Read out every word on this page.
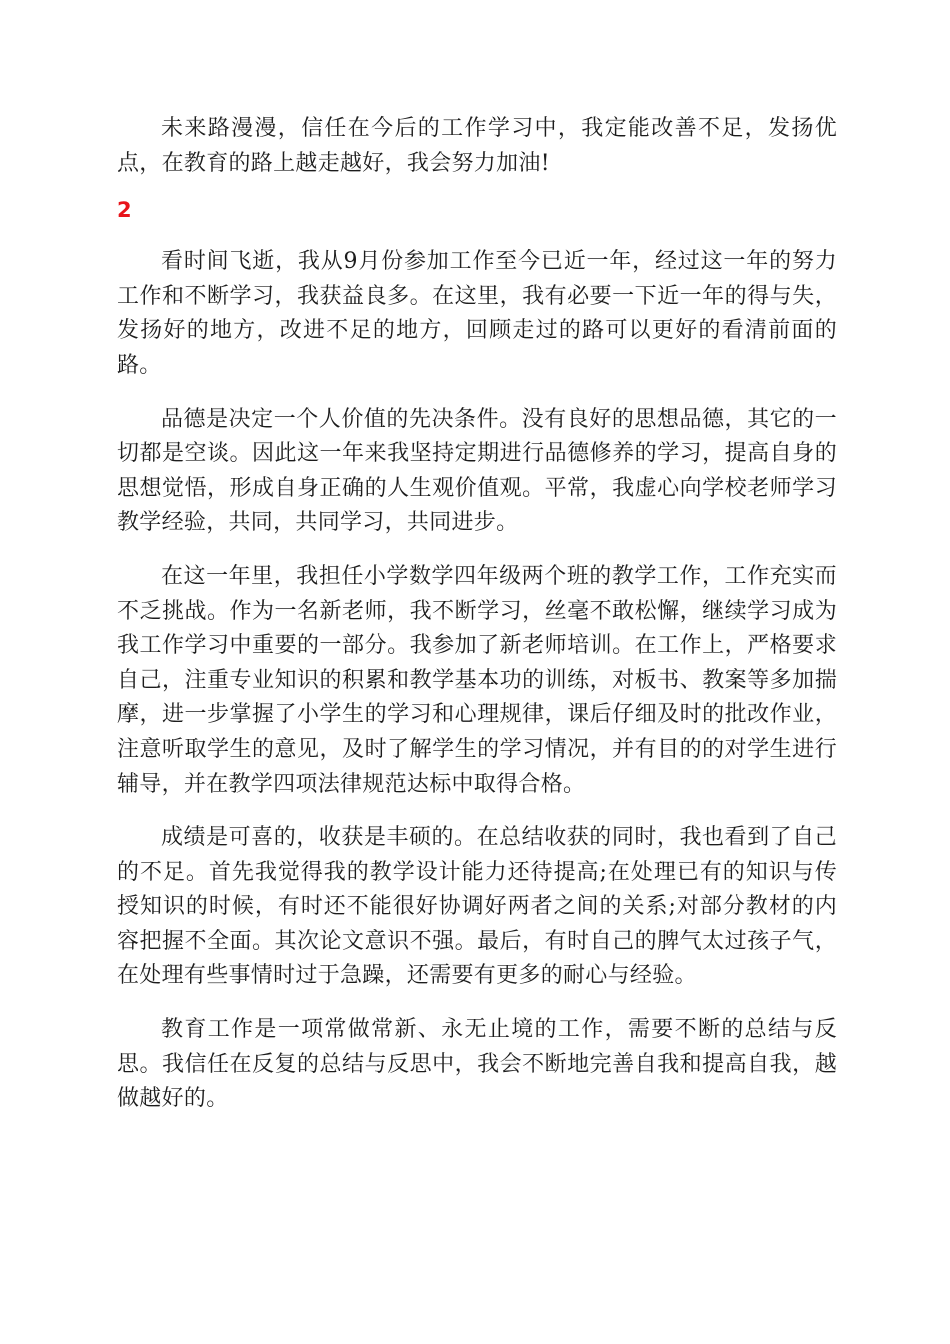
未来路漫漫，信任在今后的工作学习中，我定能改善不足，发扬优点，在教育的路上越走越好，我会努力加油!

2

看时间飞逝，我从9月份参加工作至今已近一年，经过这一年的努力工作和不断学习，我获益良多。在这里，我有必要一下近一年的得与失，发扬好的地方，改进不足的地方，回顾走过的路可以更好的看清前面的路。

品德是决定一个人价值的先决条件。没有良好的思想品德，其它的一切都是空谈。因此这一年来我坚持定期进行品德修养的学习，提高自身的思想觉悟，形成自身正确的人生观价值观。平常，我虚心向学校老师学习教学经验，共同，共同学习，共同进步。

在这一年里，我担任小学数学四年级两个班的教学工作，工作充实而不乏挑战。作为一名新老师，我不断学习，丝毫不敢松懈，继续学习成为我工作学习中重要的一部分。我参加了新老师培训。在工作上，严格要求自己，注重专业知识的积累和教学基本功的训练，对板书、教案等多加揣摩，进一步掌握了小学生的学习和心理规律，课后仔细及时的批改作业，注意听取学生的意见，及时了解学生的学习情况，并有目的的对学生进行辅导，并在教学四项法律规范达标中取得合格。

成绩是可喜的，收获是丰硕的。在总结收获的同时，我也看到了自己的不足。首先我觉得我的教学设计能力还待提高;在处理已有的知识与传授知识的时候，有时还不能很好协调好两者之间的关系;对部分教材的内容把握不全面。其次论文意识不强。最后，有时自己的脾气太过孩子气，在处理有些事情时过于急躁，还需要有更多的耐心与经验。

教育工作是一项常做常新、永无止境的工作，需要不断的总结与反思。我信任在反复的总结与反思中，我会不断地完善自我和提高自我，越做越好的。
